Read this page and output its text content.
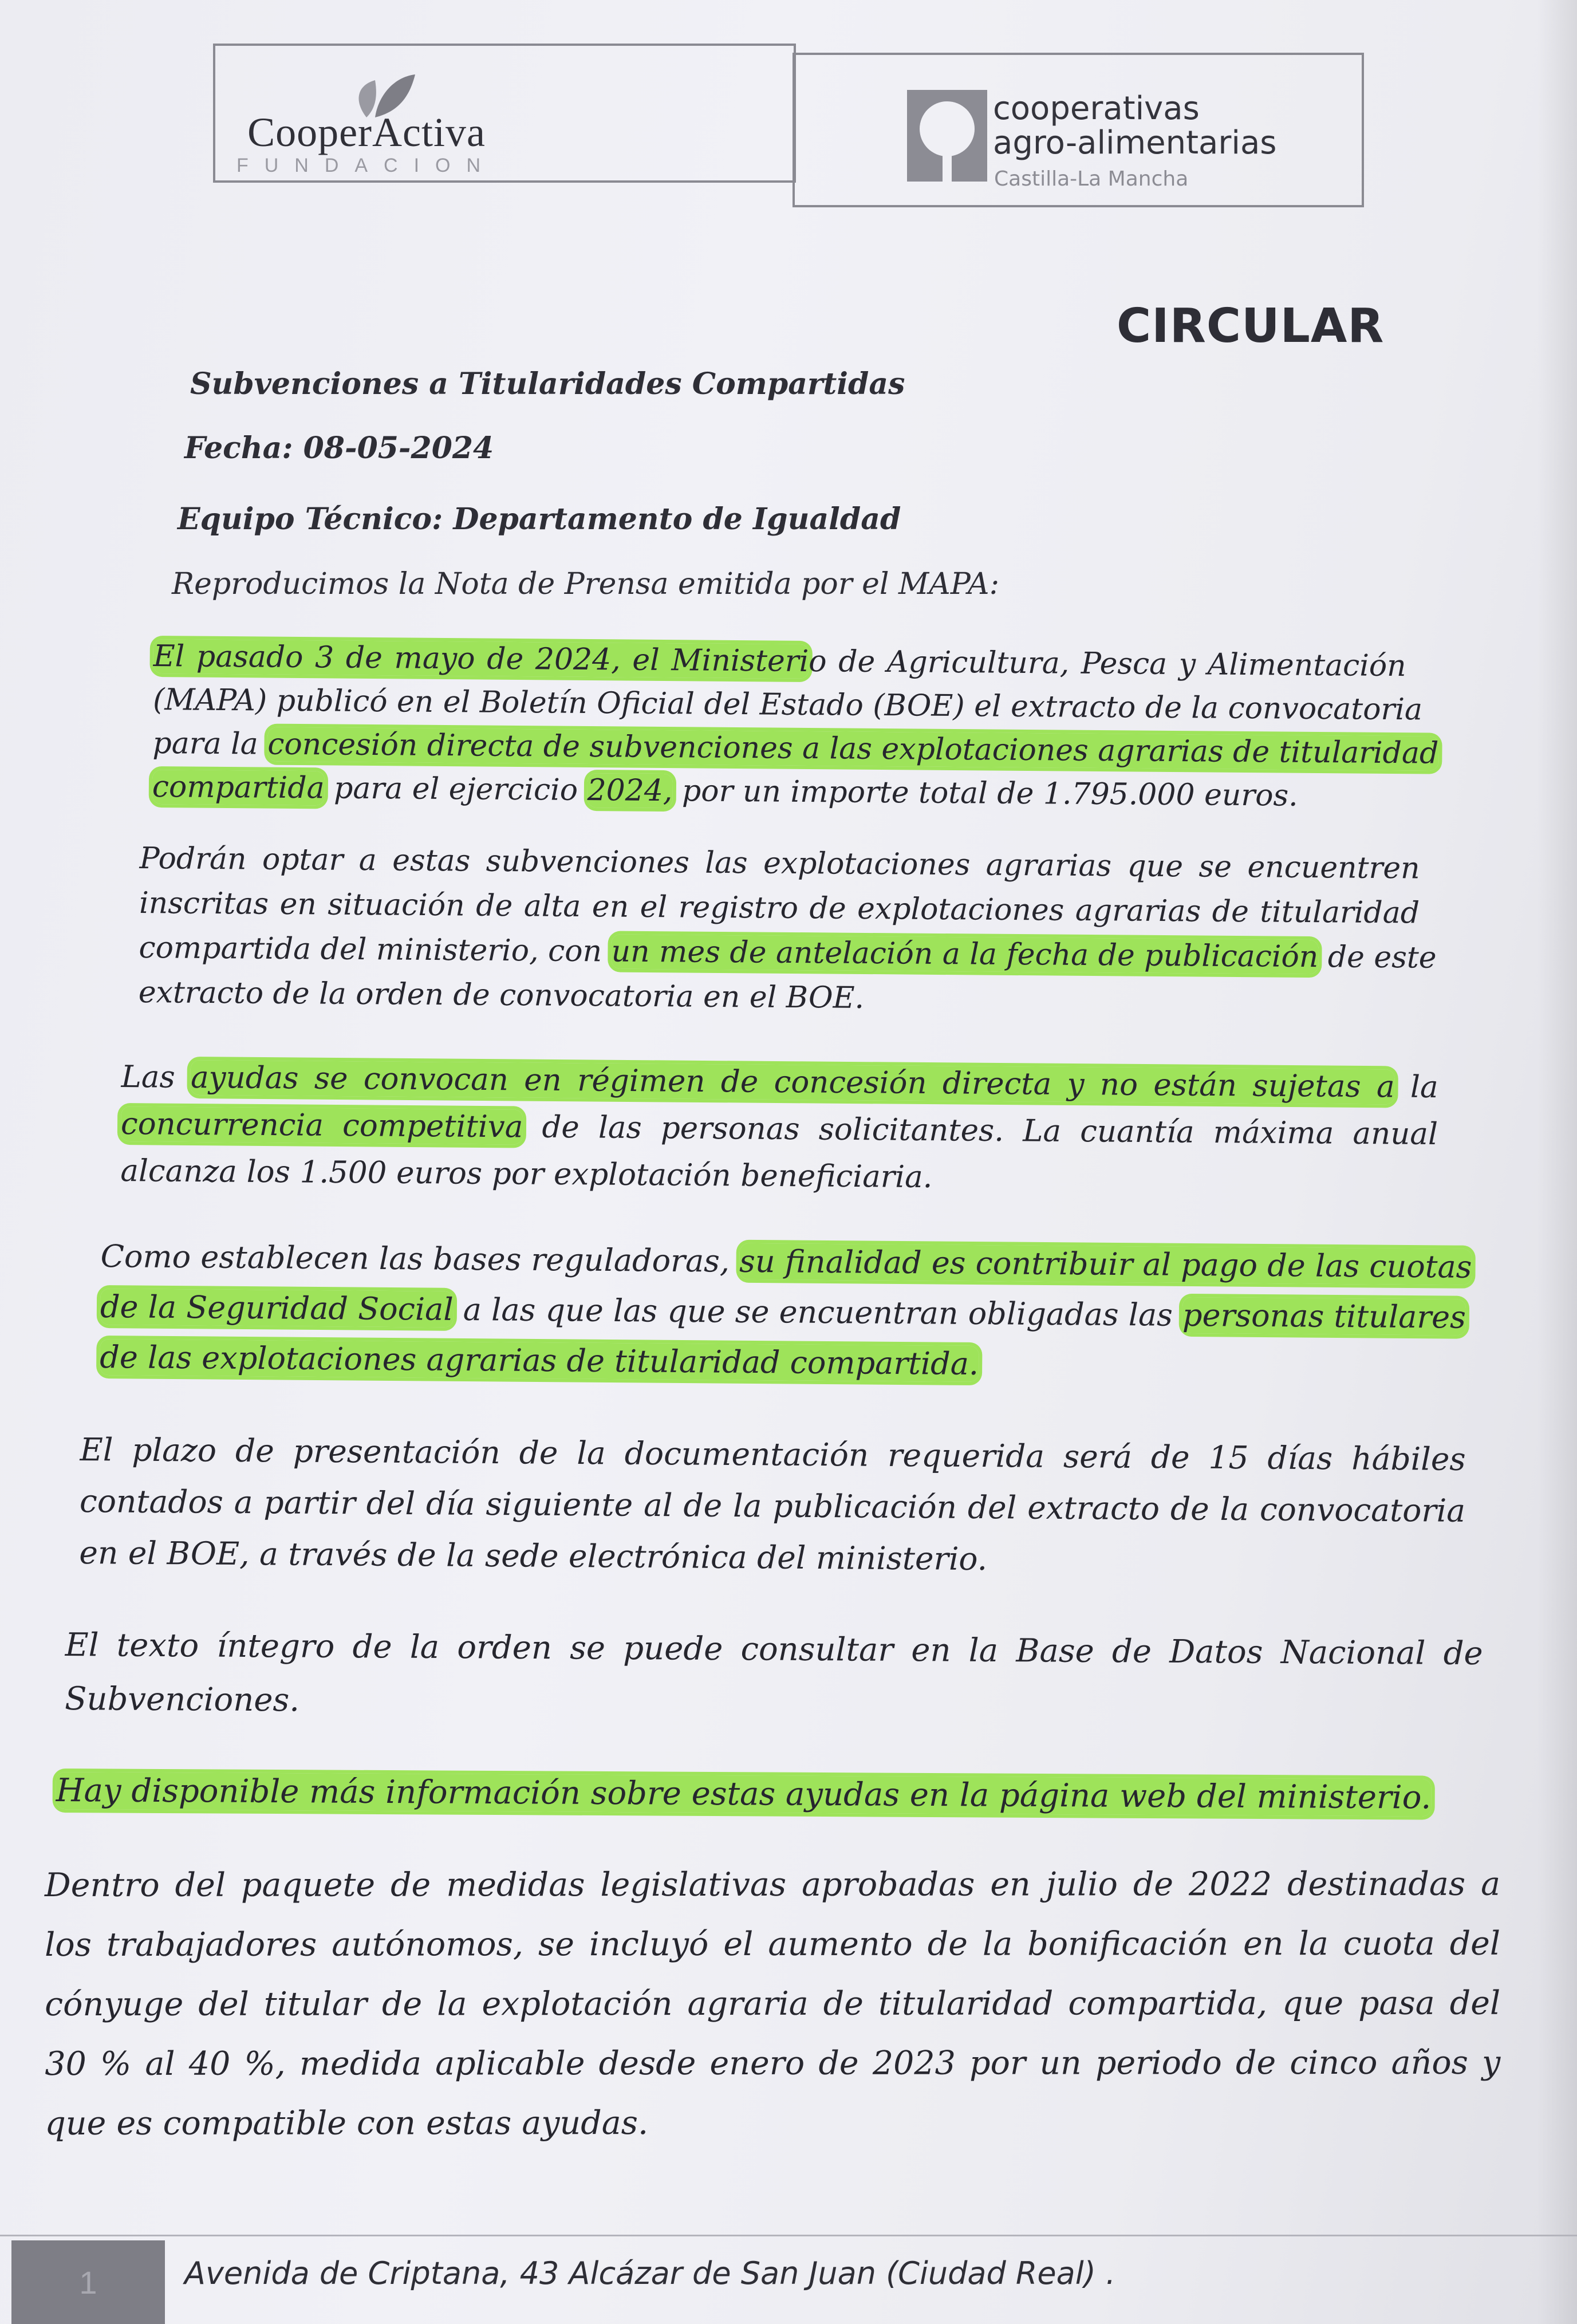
CooperActiva
FUNDACION
cooperativas
agro-alimentarias
Castilla-La Mancha
CIRCULAR
Subvenciones a Titularidades Compartidas
Fecha: 08-05-2024
Equipo Técnico: Departamento de Igualdad
Reproducimos la Nota de Prensa emitida por el MAPA:
El pasado 3 de mayo de 2024, el Ministerio de Agricultura, Pesca y Alimentación
(MAPA) publicó en el Boletín Oficial del Estado (BOE) el extracto de la convocatoria
para la concesión directa de subvenciones a las explotaciones agrarias de titularidad
compartida para el ejercicio 2024, por un importe total de 1.795.000 euros.
Podrán optar a estas subvenciones las explotaciones agrarias que se encuentren
inscritas en situación de alta en el registro de explotaciones agrarias de titularidad
compartida del ministerio, con un mes de antelación a la fecha de publicación de este
extracto de la orden de convocatoria en el BOE.
Las ayudas se convocan en régimen de concesión directa y no están sujetas a la
concurrencia competitiva de las personas solicitantes. La cuantía máxima anual
alcanza los 1.500 euros por explotación beneficiaria.
Como establecen las bases reguladoras, su finalidad es contribuir al pago de las cuotas
de la Seguridad Social a las que las que se encuentran obligadas las personas titulares
de las explotaciones agrarias de titularidad compartida.
El plazo de presentación de la documentación requerida será de 15 días hábiles
contados a partir del día siguiente al de la publicación del extracto de la convocatoria
en el BOE, a través de la sede electrónica del ministerio.
El texto íntegro de la orden se puede consultar en la Base de Datos Nacional de
Subvenciones.
Hay disponible más información sobre estas ayudas en la página web del ministerio.
Dentro del paquete de medidas legislativas aprobadas en julio de 2022 destinadas a
los trabajadores autónomos, se incluyó el aumento de la bonificación en la cuota del
cónyuge del titular de la explotación agraria de titularidad compartida, que pasa del
30 % al 40 %, medida aplicable desde enero de 2023 por un periodo de cinco años y
que es compatible con estas ayudas.
1	Avenida de Criptana, 43 Alcázar de San Juan (Ciudad Real) .
